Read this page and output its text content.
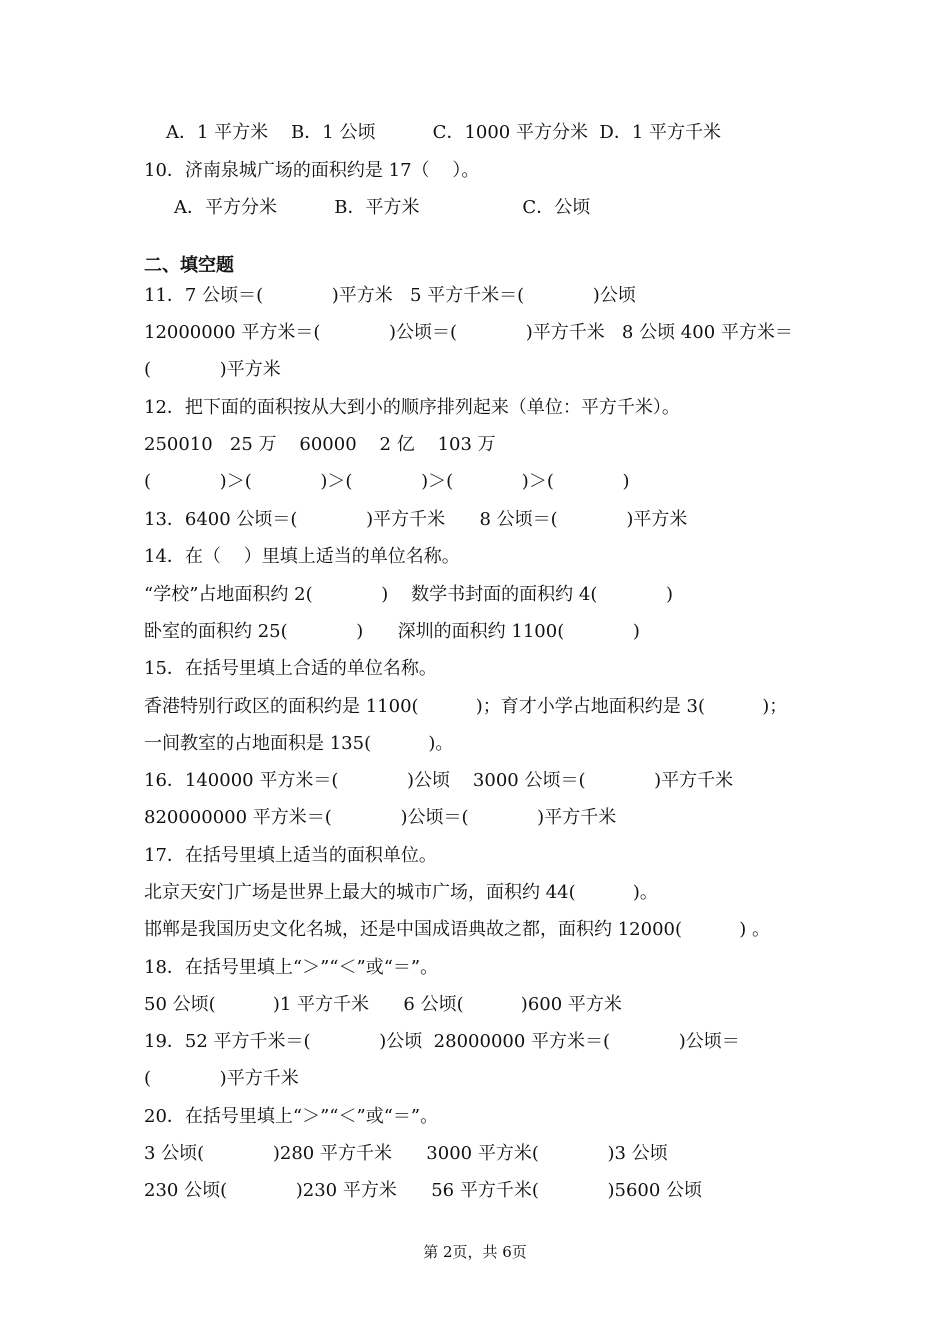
A．1 平方米    B．1 公顷          C．1000 平方分米  D．1 平方千米
10．济南泉城广场的面积约是 17（    ）。
A．平方分米          B．平方米                  C．公顷
二、填空题
11．7 公顷＝(            )平方米   5 平方千米＝(            )公顷
12000000 平方米＝(            )公顷＝(            )平方千米   8 公顷 400 平方米＝
(            )平方米
12．把下面的面积按从大到小的顺序排列起来（单位：平方千米）。
250010   25 万    60000    2 亿    103 万
(            )＞(            )＞(            )＞(            )＞(            )
13．6400 公顷＝(            )平方千米      8 公顷＝(            )平方米
14．在（    ）里填上适当的单位名称。
“学校”占地面积约 2(            )    数学书封面的面积约 4(            )
卧室的面积约 25(            )      深圳的面积约 1100(            )
15．在括号里填上合适的单位名称。
香港特别行政区的面积约是 1100(          )；育才小学占地面积约是 3(          )；
一间教室的占地面积是 135(          )。
16．140000 平方米＝(            )公顷    3000 公顷＝(            )平方千米
820000000 平方米＝(            )公顷＝(            )平方千米
17．在括号里填上适当的面积单位。
北京天安门广场是世界上最大的城市广场，面积约 44(          )。
邯郸是我国历史文化名城，还是中国成语典故之都，面积约 12000(          ) 。
18．在括号里填上“＞”“＜”或“＝”。
50 公顷(          )1 平方千米      6 公顷(          )600 平方米
19．52 平方千米＝(            )公顷  28000000 平方米＝(            )公顷＝
(            )平方千米
20．在括号里填上“＞”“＜”或“＝”。
3 公顷(            )280 平方千米      3000 平方米(            )3 公顷
230 公顷(            )230 平方米      56 平方千米(            )5600 公顷
第 2页，共 6页
